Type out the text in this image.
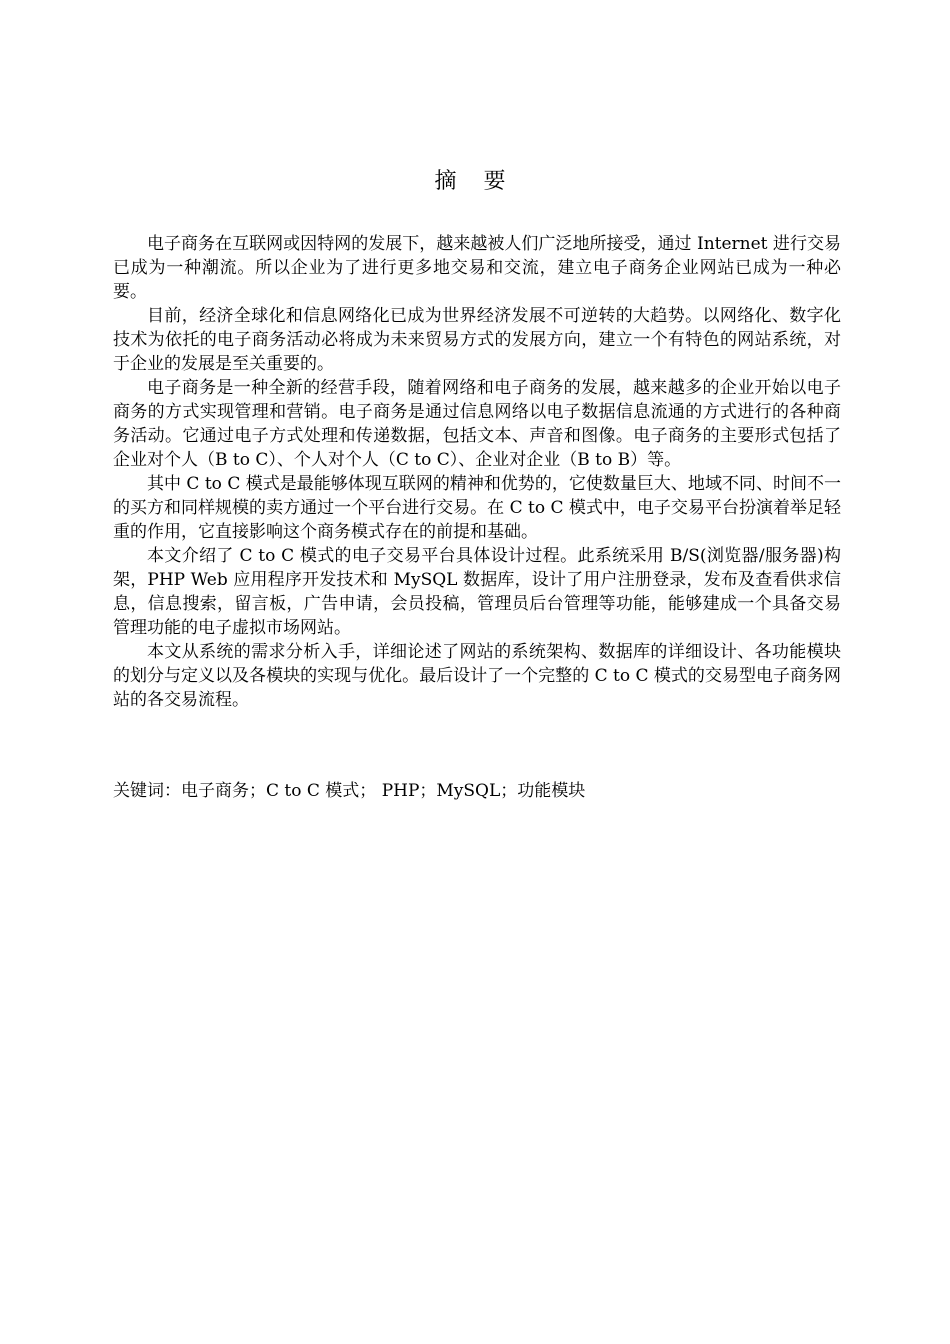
摘 要

电子商务在互联网或因特网的发展下，越来越被人们广泛地所接受，通过 Internet 进行交易已成为一种潮流。所以企业为了进行更多地交易和交流，建立电子商务企业网站已成为一种必要。

目前，经济全球化和信息网络化已成为世界经济发展不可逆转的大趋势。以网络化、数字化技术为依托的电子商务活动必将成为未来贸易方式的发展方向，建立一个有特色的网站系统，对于企业的发展是至关重要的。

电子商务是一种全新的经营手段，随着网络和电子商务的发展，越来越多的企业开始以电子商务的方式实现管理和营销。电子商务是通过信息网络以电子数据信息流通的方式进行的各种商务活动。它通过电子方式处理和传递数据，包括文本、声音和图像。电子商务的主要形式包括了企业对个人（B to C）、个人对个人（C to C）、企业对企业（B to B）等。

其中 C to C 模式是最能够体现互联网的精神和优势的，它使数量巨大、地域不同、时间不一的买方和同样规模的卖方通过一个平台进行交易。在 C to C 模式中，电子交易平台扮演着举足轻重的作用，它直接影响这个商务模式存在的前提和基础。

本文介绍了 C to C 模式的电子交易平台具体设计过程。此系统采用 B/S(浏览器/服务器)构架，PHP Web 应用程序开发技术和 MySQL 数据库，设计了用户注册登录，发布及查看供求信息，信息搜索，留言板，广告申请，会员投稿，管理员后台管理等功能，能够建成一个具备交易管理功能的电子虚拟市场网站。

本文从系统的需求分析入手，详细论述了网站的系统架构、数据库的详细设计、各功能模块的划分与定义以及各模块的实现与优化。最后设计了一个完整的 C to C 模式的交易型电子商务网站的各交易流程。

关键词：电子商务；C to C 模式； PHP；MySQL；功能模块
